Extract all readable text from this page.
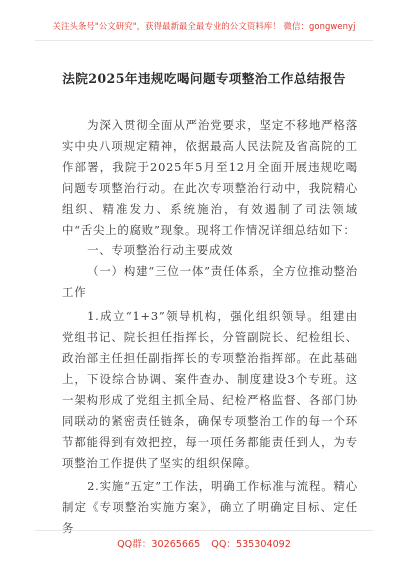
关注头条号"公文研究"，获得最新最全最专业的公文资料库！ 微信：gongwenyj
法院2025年违规吃喝问题专项整治工作总结报告

为深入贯彻全面从严治党要求，坚定不移地严格落实中央八项规定精神，依据最高人民法院及省高院的工作部署，我院于2025年5月至12月全面开展违规吃喝问题专项整治行动。在此次专项整治行动中，我院精心组织、精准发力、系统施治，有效遏制了司法领域中“舌尖上的腐败”现象。现将工作情况详细总结如下：

一、专项整治行动主要成效

（一）构建“三位一体”责任体系，全方位推动整治工作

1.成立“1+3”领导机构，强化组织领导。组建由党组书记、院长担任指挥长，分管副院长、纪检组长、政治部主任担任副指挥长的专项整治指挥部。在此基础上，下设综合协调、案件查办、制度建设3个专班。这一架构形成了党组主抓全局、纪检严格监督、各部门协同联动的紧密责任链条，确保专项整治工作的每一个环节都能得到有效把控，每一项任务都能责任到人，为专项整治工作提供了坚实的组织保障。

2.实施“五定”工作法，明确工作标准与流程。精心制定《专项整治实施方案》，确立了明确定目标、定任务

QQ群：30265665 QQ：535304092
